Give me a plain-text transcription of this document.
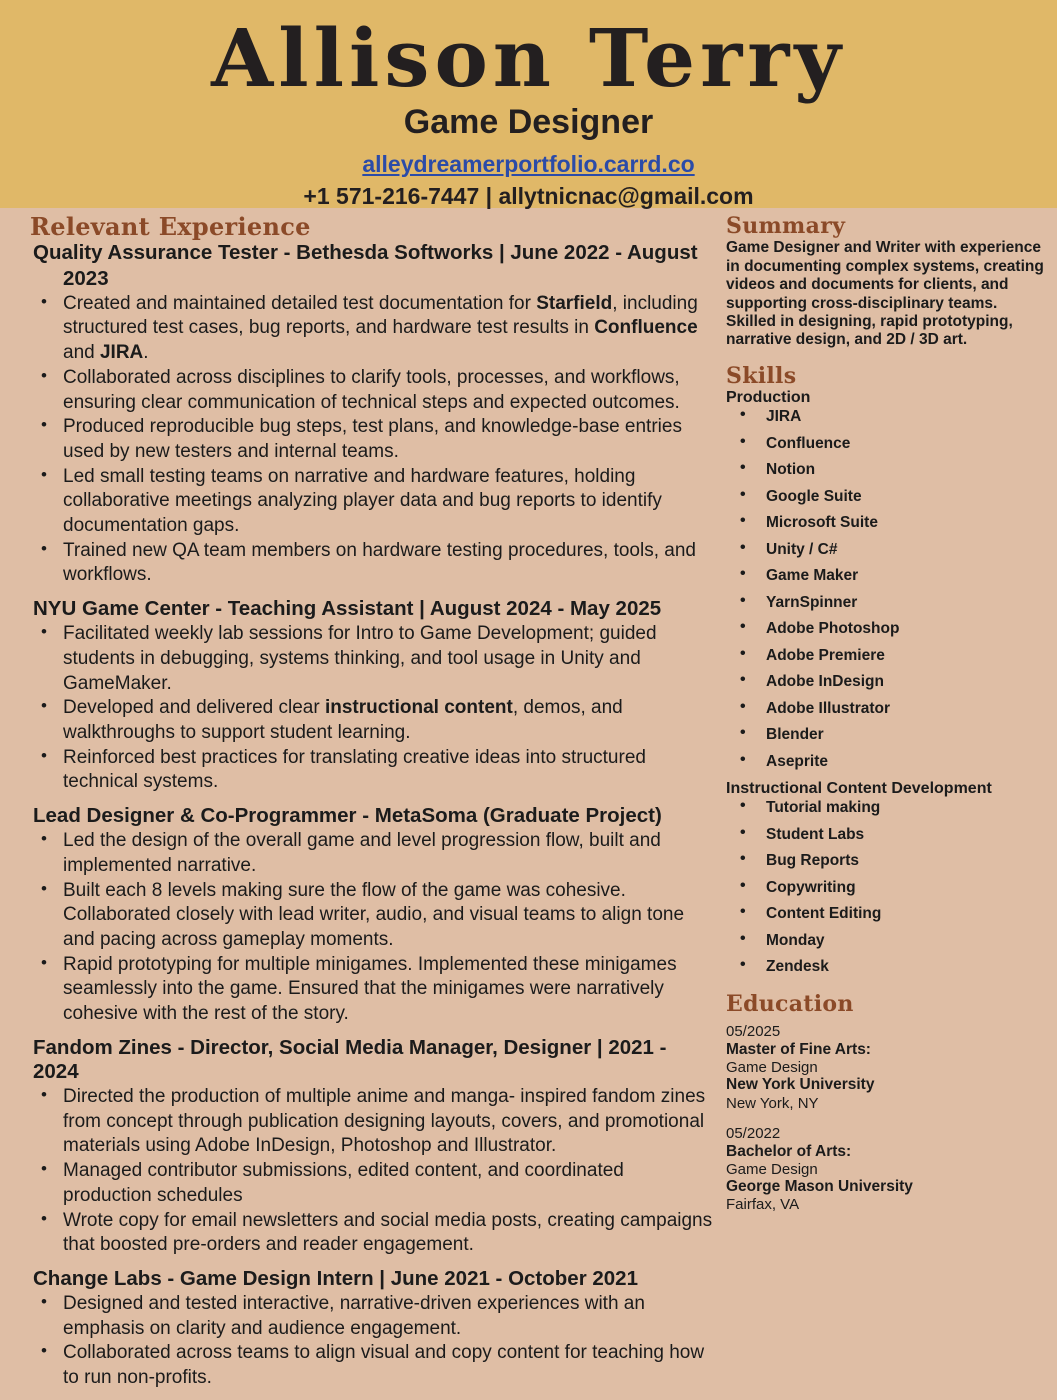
Allison Terry
Game Designer
alleydreamerportfolio.carrd.co
+1 571-216-7447 | allytnicnac@gmail.com
Relevant Experience
Quality Assurance Tester - Bethesda Softworks | June 2022 - August
2023
• Created and maintained detailed test documentation for Starfield, including structured test cases, bug reports, and hardware test results in Confluence and JIRA.
• Collaborated across disciplines to clarify tools, processes, and workflows, ensuring clear communication of technical steps and expected outcomes.
• Produced reproducible bug steps, test plans, and knowledge-base entries used by new testers and internal teams.
• Led small testing teams on narrative and hardware features, holding collaborative meetings analyzing player data and bug reports to identify documentation gaps.
• Trained new QA team members on hardware testing procedures, tools, and workflows.
NYU Game Center - Teaching Assistant | August 2024 - May 2025
• Facilitated weekly lab sessions for Intro to Game Development; guided students in debugging, systems thinking, and tool usage in Unity and GameMaker.
• Developed and delivered clear instructional content, demos, and walkthroughs to support student learning.
• Reinforced best practices for translating creative ideas into structured technical systems.
Lead Designer & Co-Programmer - MetaSoma (Graduate Project)
• Led the design of the overall game and level progression flow, built and implemented narrative.
• Built each 8 levels making sure the flow of the game was cohesive. Collaborated closely with lead writer, audio, and visual teams to align tone and pacing across gameplay moments.
• Rapid prototyping for multiple minigames. Implemented these minigames seamlessly into the game. Ensured that the minigames were narratively cohesive with the rest of the story.
Fandom Zines - Director, Social Media Manager, Designer | 2021 - 2024
• Directed the production of multiple anime and manga- inspired fandom zines from concept through publication designing layouts, covers, and promotional materials using Adobe InDesign, Photoshop and Illustrator.
• Managed contributor submissions, edited content, and coordinated production schedules
• Wrote copy for email newsletters and social media posts, creating campaigns that boosted pre-orders and reader engagement.
Change Labs - Game Design Intern | June 2021 - October 2021
• Designed and tested interactive, narrative-driven experiences with an emphasis on clarity and audience engagement.
• Collaborated across teams to align visual and copy content for teaching how to run non-profits.
Summary
Game Designer and Writer with experience in documenting complex systems, creating videos and documents for clients, and supporting cross-disciplinary teams. Skilled in designing, rapid prototyping, narrative design, and 2D / 3D art.
Skills
Production
• JIRA
• Confluence
• Notion
• Google Suite
• Microsoft Suite
• Unity / C#
• Game Maker
• YarnSpinner
• Adobe Photoshop
• Adobe Premiere
• Adobe InDesign
• Adobe Illustrator
• Blender
• Aseprite
Instructional Content Development
• Tutorial making
• Student Labs
• Bug Reports
• Copywriting
• Content Editing
• Monday
• Zendesk
Education
05/2025
Master of Fine Arts:
Game Design
New York University
New York, NY
05/2022
Bachelor of Arts:
Game Design
George Mason University
Fairfax, VA
